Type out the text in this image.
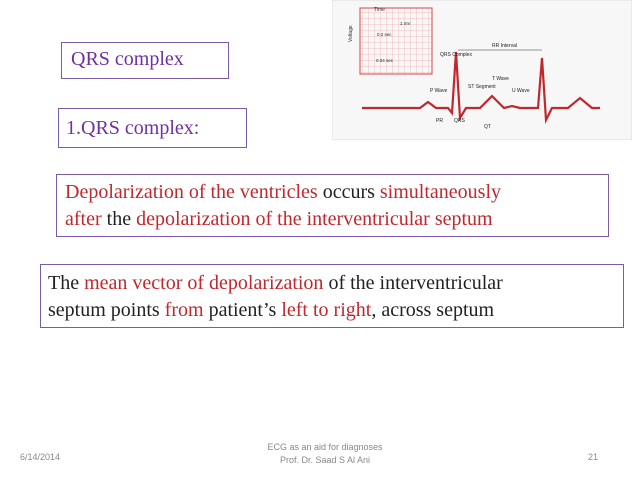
QRS complex
1.QRS complex:
Depolarization of the ventricles occurs simultaneously
after the depolarization of the interventricular septum
The mean vector of depolarization of the interventricular
septum points from patient’s left to right, across septum
Time
Voltage
1 mV
0.2 sec
0.04 sec
RR Interval
QRS Complex
ST Segment
P Wave
T Wave
U Wave
PR QRS
QT
6/14/2014
ECG as an aid for diagnoses
Prof. Dr. Saad S Al Ani	21
